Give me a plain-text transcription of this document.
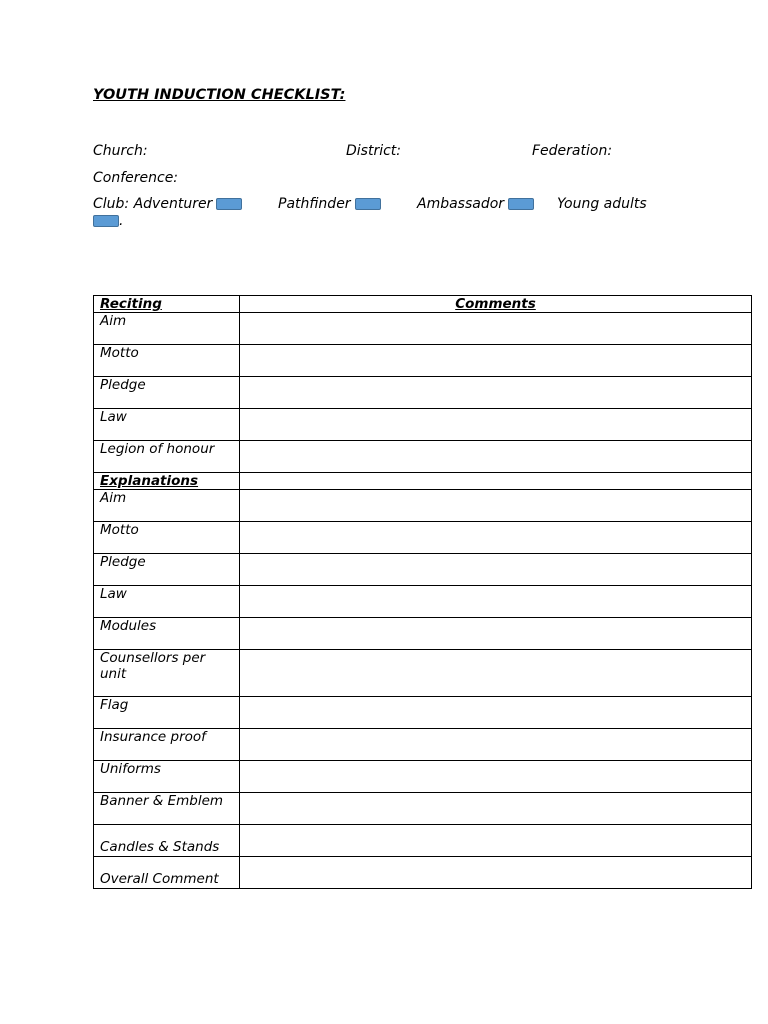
YOUTH INDUCTION CHECKLIST:
Church:	District:	Federation:
Conference:
Club: Adventurer	Pathfinder	Ambassador	Young adults
.
Reciting	Comments
Aim	
Motto	
Pledge	
Law	
Legion of honour	
Explanations	
Aim	
Motto	
Pledge	
Law	
Modules	
Counsellors per unit	
Flag	
Insurance proof	
Uniforms	
Banner & Emblem	
Candles & Stands	
Overall Comment	
